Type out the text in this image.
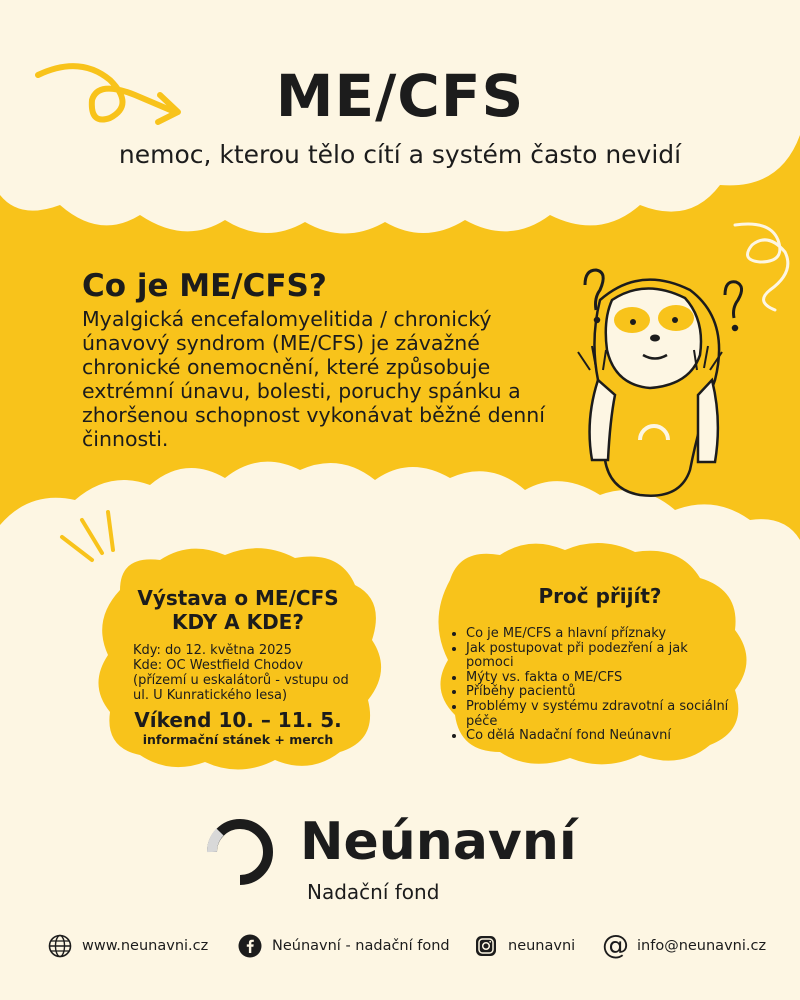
ME/CFS
nemoc, kterou tělo cítí a systém často nevidí
Co je ME/CFS?
Myalgická encefalomyelitida / chronický únavový syndrom (ME/CFS) je závažné chronické onemocnění, které způsobuje extrémní únavu, bolesti, poruchy spánku a zhoršenou schopnost vykonávat běžné denní činnosti.
Výstava o ME/CFS
KDY A KDE?
Kdy: do 12. května 2025
Kde: OC Westfield Chodov
(přízemí u eskalátorů - vstupu od
ul. U Kunratického lesa)
Víkend 10. – 11. 5.
informační stánek + merch
Proč přijít?
• Co je ME/CFS a hlavní příznaky
• Jak postupovat při podezření a jak pomoci
• Mýty vs. fakta o ME/CFS
• Příběhy pacientů
• Problémy v systému zdravotní a sociální péče
• Co dělá Nadační fond Neúnavní
Neúnavní
Nadační fond
www.neunavni.cz	Neúnavní - nadační fond	neunavni @ info@neunavni.cz
